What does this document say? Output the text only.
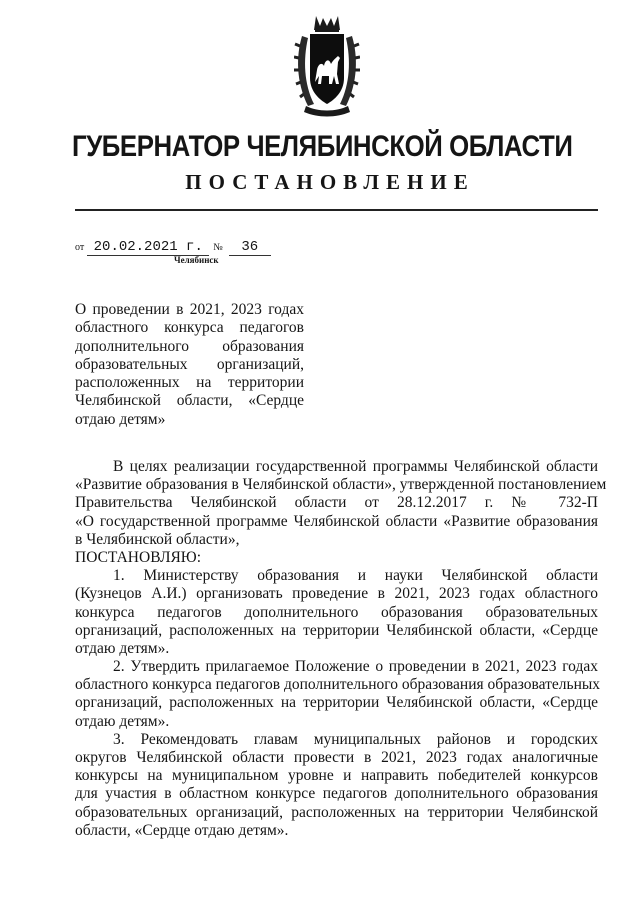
ГУБЕРНАТОР ЧЕЛЯБИНСКОЙ ОБЛАСТИ
ПОСТАНОВЛЕНИЕ
от 20.02.2021 г. № 36
Челябинск
О проведении в 2021, 2023 годах
областного конкурса педагогов
дополнительного образования
образовательных организаций,
расположенных на территории
Челябинской области, «Сердце
отдаю детям»
В целях реализации государственной программы Челябинской области
«Развитие образования в Челябинской области», утвержденной постановлением
Правительства Челябинской области от 28.12.2017 г. № 732-П
«О государственной программе Челябинской области «Развитие образования
в Челябинской области»,
ПОСТАНОВЛЯЮ:
1. Министерству образования и науки Челябинской области
(Кузнецов А.И.) организовать проведение в 2021, 2023 годах областного
конкурса педагогов дополнительного образования образовательных
организаций, расположенных на территории Челябинской области, «Сердце
отдаю детям».
2. Утвердить прилагаемое Положение о проведении в 2021, 2023 годах
областного конкурса педагогов дополнительного образования образовательных
организаций, расположенных на территории Челябинской области, «Сердце
отдаю детям».
3. Рекомендовать главам муниципальных районов и городских
округов Челябинской области провести в 2021, 2023 годах аналогичные
конкурсы на муниципальном уровне и направить победителей конкурсов
для участия в областном конкурсе педагогов дополнительного образования
образовательных организаций, расположенных на территории Челябинской
области, «Сердце отдаю детям».
